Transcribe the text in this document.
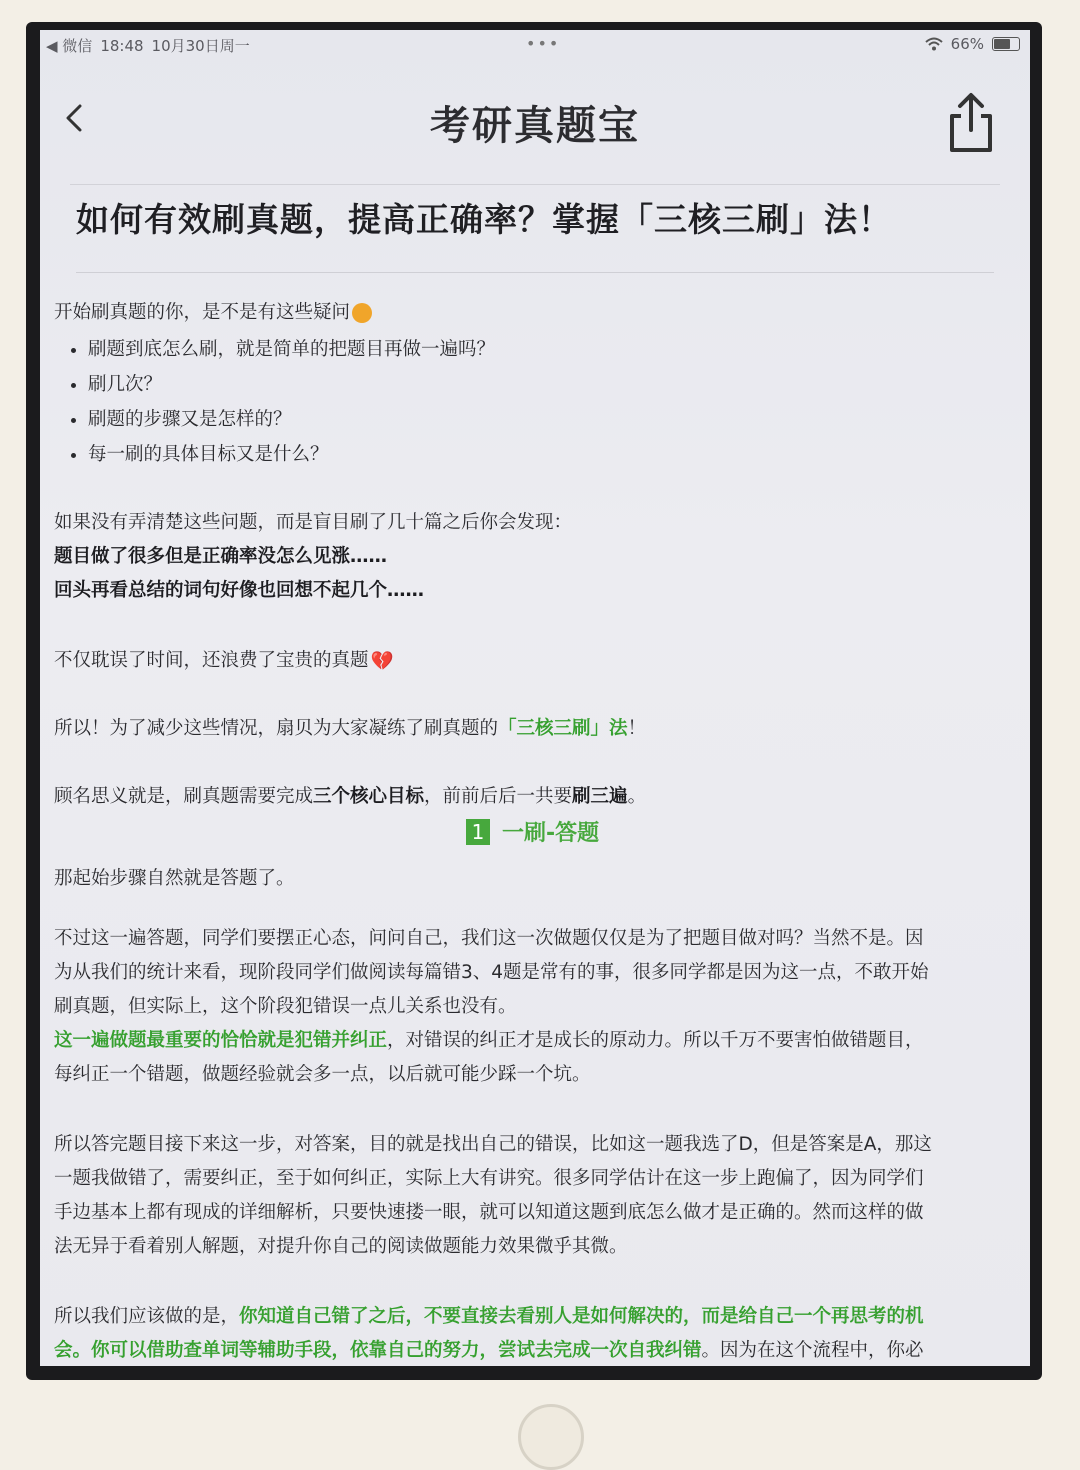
◀ 微信 18:48 10月30日周一	•••	66%
考研真题宝
如何有效刷真题，提高正确率？掌握「三核三刷」法！
开始刷真题的你，是不是有这些疑问
• 刷题到底怎么刷，就是简单的把题目再做一遍吗？
• 刷几次？
• 刷题的步骤又是怎样的？
• 每一刷的具体目标又是什么？
如果没有弄清楚这些问题，而是盲目刷了几十篇之后你会发现：
题目做了很多但是正确率没怎么见涨……
回头再看总结的词句好像也回想不起几个……
不仅耽误了时间，还浪费了宝贵的真题 💔
所以！为了减少这些情况，扇贝为大家凝练了刷真题的「三核三刷」法！
顾名思义就是，刷真题需要完成三个核心目标，前前后后一共要刷三遍。
1 一刷-答题
那起始步骤自然就是答题了。
不过这一遍答题，同学们要摆正心态，问问自己，我们这一次做题仅仅是为了把题目做对吗？当然不是。因
为从我们的统计来看，现阶段同学们做阅读每篇错3、4题是常有的事，很多同学都是因为这一点，不敢开始
刷真题，但实际上，这个阶段犯错误一点儿关系也没有。
这一遍做题最重要的恰恰就是犯错并纠正，对错误的纠正才是成长的原动力。所以千万不要害怕做错题目，
每纠正一个错题，做题经验就会多一点，以后就可能少踩一个坑。
所以答完题目接下来这一步，对答案，目的就是找出自己的错误，比如这一题我选了D，但是答案是A，那这
一题我做错了，需要纠正，至于如何纠正，实际上大有讲究。很多同学估计在这一步上跑偏了，因为同学们
手边基本上都有现成的详细解析，只要快速搂一眼，就可以知道这题到底怎么做才是正确的。然而这样的做
法无异于看着别人解题，对提升你自己的阅读做题能力效果微乎其微。
所以我们应该做的是，你知道自己错了之后，不要直接去看别人是如何解决的，而是给自己一个再思考的机
会。你可以借助查单词等辅助手段，依靠自己的努力，尝试去完成一次自我纠错。因为在这个流程中，你必
